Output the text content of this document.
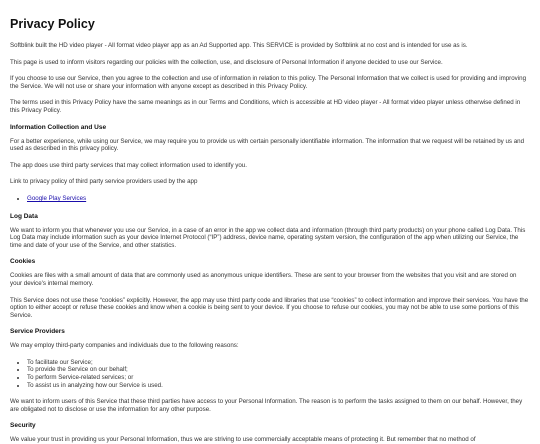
Privacy Policy

Softblink built the HD video player - All format video player app as an Ad Supported app. This SERVICE is provided by Softblink at no cost and is intended for use as is.

This page is used to inform visitors regarding our policies with the collection, use, and disclosure of Personal Information if anyone decided to use our Service.

If you choose to use our Service, then you agree to the collection and use of information in relation to this policy. The Personal Information that we collect is used for providing and improving the Service. We will not use or share your information with anyone except as described in this Privacy Policy.

The terms used in this Privacy Policy have the same meanings as in our Terms and Conditions, which is accessible at HD video player - All format video player unless otherwise defined in this Privacy Policy.

Information Collection and Use

For a better experience, while using our Service, we may require you to provide us with certain personally identifiable information. The information that we request will be retained by us and used as described in this privacy policy.

The app does use third party services that may collect information used to identify you.

Link to privacy policy of third party service providers used by the app

• Google Play Services
Log Data

We want to inform you that whenever you use our Service, in a case of an error in the app we collect data and information (through third party products) on your phone called Log Data. This Log Data may include information such as your device Internet Protocol (“IP”) address, device name, operating system version, the configuration of the app when utilizing our Service, the time and date of your use of the Service, and other statistics.

Cookies

Cookies are files with a small amount of data that are commonly used as anonymous unique identifiers. These are sent to your browser from the websites that you visit and are stored on your device's internal memory.

This Service does not use these “cookies” explicitly. However, the app may use third party code and libraries that use “cookies” to collect information and improve their services. You have the option to either accept or refuse these cookies and know when a cookie is being sent to your device. If you choose to refuse our cookies, you may not be able to use some portions of this Service.

Service Providers

We may employ third-party companies and individuals due to the following reasons:

• To facilitate our Service;
• To provide the Service on our behalf;
• To perform Service-related services; or
• To assist us in analyzing how our Service is used.

We want to inform users of this Service that these third parties have access to your Personal Information. The reason is to perform the tasks assigned to them on our behalf. However, they are obligated not to disclose or use the information for any other purpose.

Security

We value your trust in providing us your Personal Information, thus we are striving to use commercially acceptable means of protecting it. But remember that no method of
